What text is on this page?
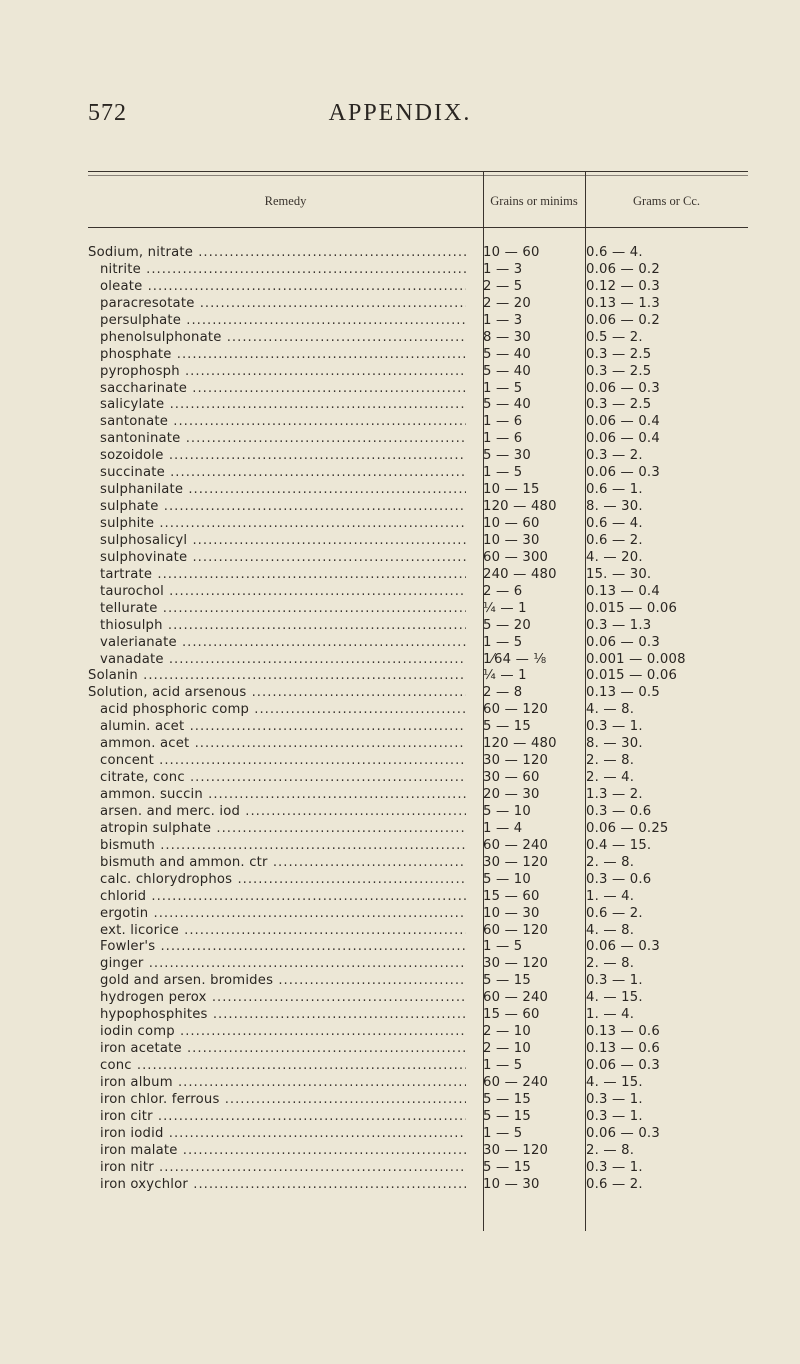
572	APPENDIX.
Remedy	Grains or minims	Grams or Cc.
Sodium, nitrate .....	10 — 60	0.6 — 4.
nitrite .....	1 — 3	0.06 — 0.2
oleate .....	2 — 5	0.12 — 0.3
paracresotate .....	2 — 20	0.13 — 1.3
persulphate .....	1 — 3	0.06 — 0.2
phenolsulphonate .....	8 — 30	0.5 — 2.
phosphate .....	5 — 40	0.3 — 2.5
pyrophosph .....	5 — 40	0.3 — 2.5
saccharinate .....	1 — 5	0.06 — 0.3
salicylate .....	5 — 40	0.3 — 2.5
santonate .....	1 — 6	0.06 — 0.4
santoninate .....	1 — 6	0.06 — 0.4
sozoidole .....	5 — 30	0.3 — 2.
succinate .....	1 — 5	0.06 — 0.3
sulphanilate .....	10 — 15	0.6 — 1.
sulphate .....	120 — 480	8. — 30.
sulphite .....	10 — 60	0.6 — 4.
sulphosalicyl .....	10 — 30	0.6 — 2.
sulphovinate .....	60 — 300	4. — 20.
tartrate .....	240 — 480	15. — 30.
taurochol .....	2 — 6	0.13 — 0.4
tellurate .....	¼ — 1	0.015 — 0.06
thiosulph .....	5 — 20	0.3 — 1.3
valerianate .....	1 — 5	0.06 — 0.3
vanadate .....	1⁄64 — ⅛	0.001 — 0.008
Solanin .....	¼ — 1	0.015 — 0.06
Solution, acid arsenous .....	2 — 8	0.13 — 0.5
acid phosphoric comp .....	60 — 120	4. — 8.
alumin. acet .....	5 — 15	0.3 — 1.
ammon. acet .....	120 — 480	8. — 30.
concent .....	30 — 120	2. — 8.
citrate, conc .....	30 — 60	2. — 4.
ammon. succin .....	20 — 30	1.3 — 2.
arsen. and merc. iod .....	5 — 10	0.3 — 0.6
atropin sulphate .....	1 — 4	0.06 — 0.25
bismuth .....	60 — 240	0.4 — 15.
bismuth and ammon. ctr .....	30 — 120	2. — 8.
calc. chlorydrophos .....	5 — 10	0.3 — 0.6
chlorid .....	15 — 60	1. — 4.
ergotin .....	10 — 30	0.6 — 2.
ext. licorice .....	60 — 120	4. — 8.
Fowler's .....	1 — 5	0.06 — 0.3
ginger .....	30 — 120	2. — 8.
gold and arsen. bromides .....	5 — 15	0.3 — 1.
hydrogen perox .....	60 — 240	4. — 15.
hypophosphites .....	15 — 60	1. — 4.
iodin comp .....	2 — 10	0.13 — 0.6
iron acetate .....	2 — 10	0.13 — 0.6
conc .....	1 — 5	0.06 — 0.3
iron album .....	60 — 240	4. — 15.
iron chlor. ferrous .....	5 — 15	0.3 — 1.
iron citr .....	5 — 15	0.3 — 1.
iron iodid .....	1 — 5	0.06 — 0.3
iron malate .....	30 — 120	2. — 8.
iron nitr .....	5 — 15	0.3 — 1.
iron oxychlor .....	10 — 30	0.6 — 2.
